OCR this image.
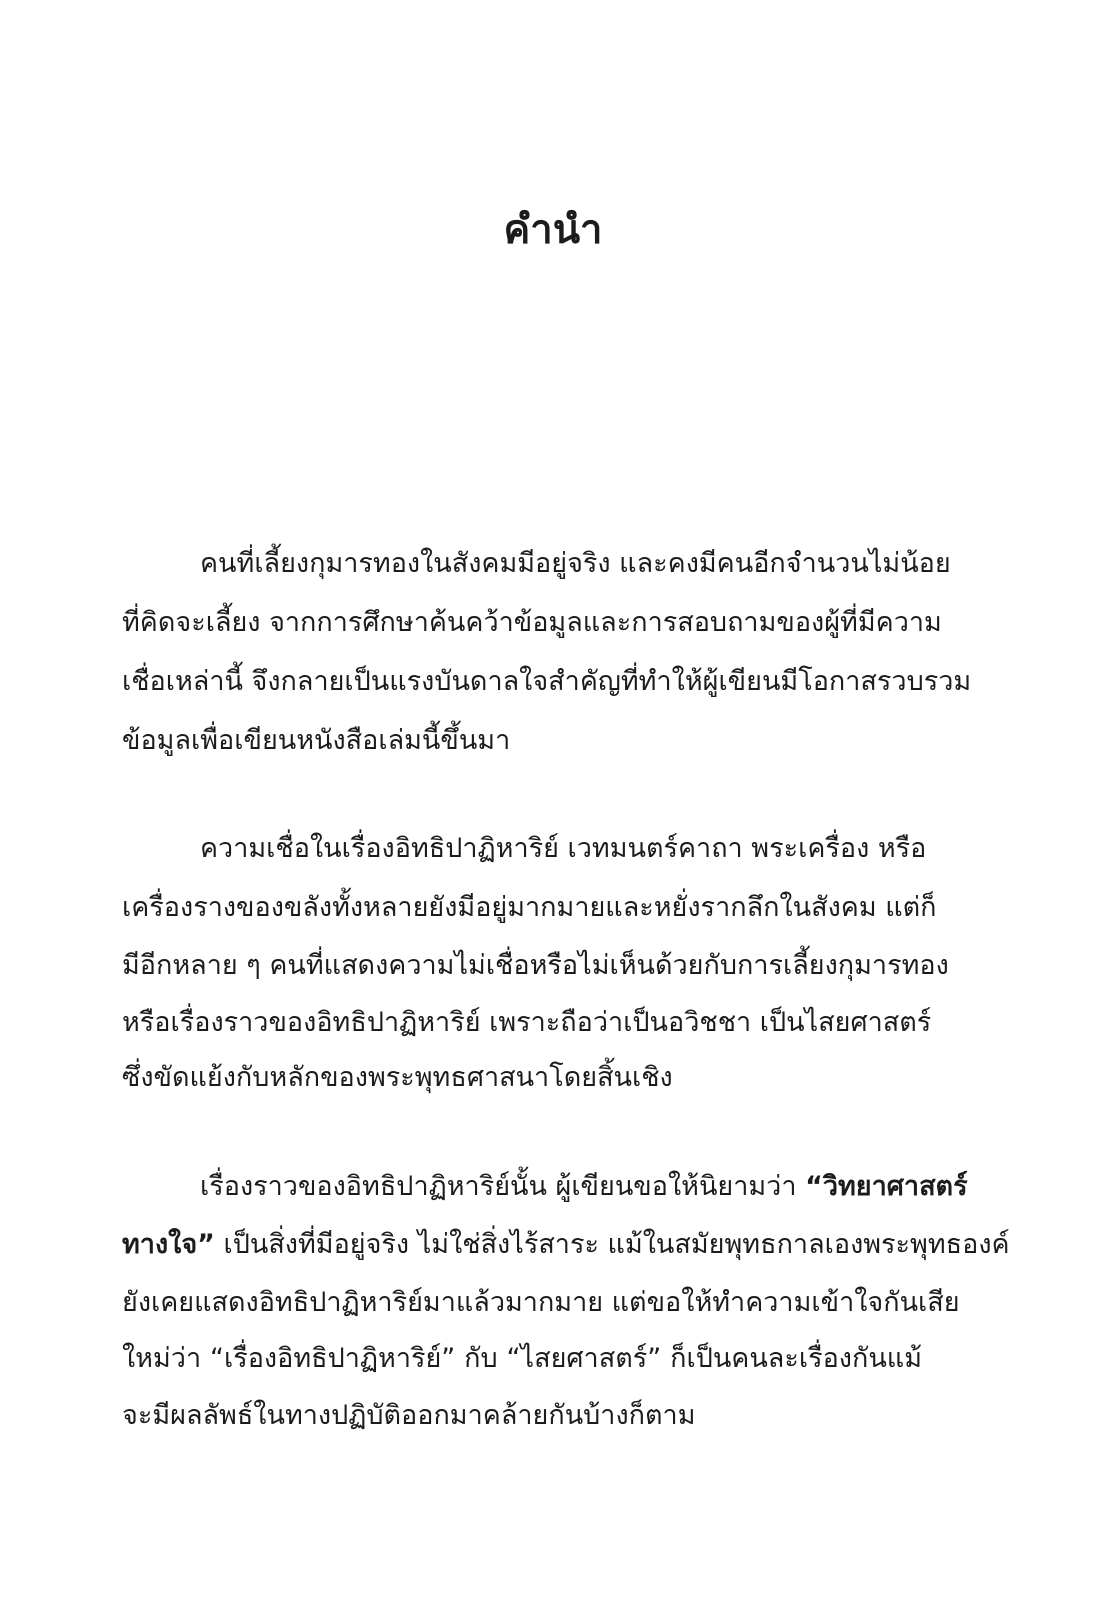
คำนำ
คนที่เลี้ยงกุมารทองในสังคมมีอยู่จริง และคงมีคนอีกจำนวนไม่น้อย
ที่คิดจะเลี้ยง จากการศึกษาค้นคว้าข้อมูลและการสอบถามของผู้ที่มีความ
เชื่อเหล่านี้ จึงกลายเป็นแรงบันดาลใจสำคัญที่ทำให้ผู้เขียนมีโอกาสรวบรวม
ข้อมูลเพื่อเขียนหนังสือเล่มนี้ขึ้นมา
ความเชื่อในเรื่องอิทธิปาฏิหาริย์ เวทมนตร์คาถา พระเครื่อง หรือ
เครื่องรางของขลังทั้งหลายยังมีอยู่มากมายและหยั่งรากลึกในสังคม แต่ก็
มีอีกหลาย ๆ คนที่แสดงความไม่เชื่อหรือไม่เห็นด้วยกับการเลี้ยงกุมารทอง
หรือเรื่องราวของอิทธิปาฏิหาริย์ เพราะถือว่าเป็นอวิชชา เป็นไสยศาสตร์
ซึ่งขัดแย้งกับหลักของพระพุทธศาสนาโดยสิ้นเชิง
เรื่องราวของอิทธิปาฏิหาริย์นั้น ผู้เขียนขอให้นิยามว่า “วิทยาศาสตร์
ทางใจ” เป็นสิ่งที่มีอยู่จริง ไม่ใช่สิ่งไร้สาระ แม้ในสมัยพุทธกาลเองพระพุทธองค์
ยังเคยแสดงอิทธิปาฏิหาริย์มาแล้วมากมาย แต่ขอให้ทำความเข้าใจกันเสีย
ใหม่ว่า “เรื่องอิทธิปาฏิหาริย์” กับ “ไสยศาสตร์” ก็เป็นคนละเรื่องกันแม้
จะมีผลลัพธ์ในทางปฏิบัติออกมาคล้ายกันบ้างก็ตาม
